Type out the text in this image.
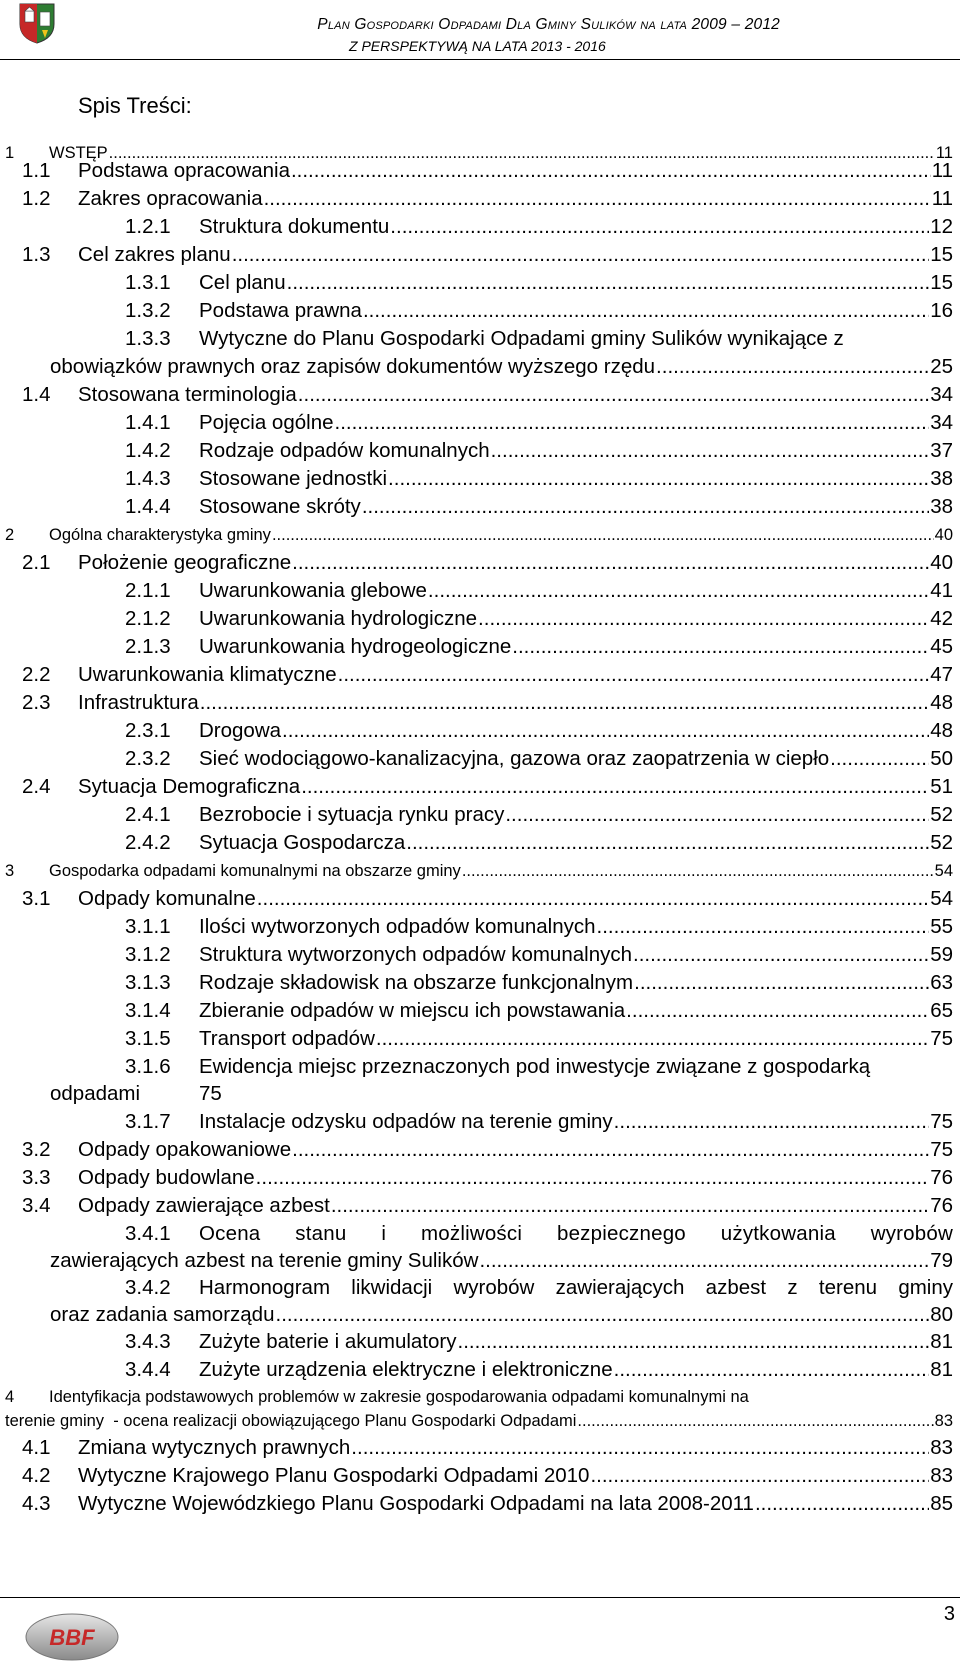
Plan Gospodarki Odpadami Dla Gminy Sulików na lata 2009 – 2012
Z PERSPEKTYWĄ NA LATA 2013 - 2016
Spis Treści:
1	WSTĘP .....	11
1.1	Podstawa opracowania .....	11
1.2	Zakres opracowania .....	11
1.2.1	Struktura dokumentu .....	12
1.3	Cel zakres planu .....	15
1.3.1	Cel planu .....	15
1.3.2	Podstawa prawna .....	16
1.3.3	Wytyczne do Planu Gospodarki Odpadami gminy Sulików wynikające z
obowiązków prawnych oraz zapisów dokumentów wyższego rzędu .....	25
1.4	Stosowana terminologia .....	34
1.4.1	Pojęcia ogólne .....	34
1.4.2	Rodzaje odpadów komunalnych .....	37
1.4.3	Stosowane jednostki .....	38
1.4.4	Stosowane skróty .....	38
2	Ogólna charakterystyka gminy .....	40
2.1	Położenie geograficzne .....	40
2.1.1	Uwarunkowania glebowe .....	41
2.1.2	Uwarunkowania hydrologiczne .....	42
2.1.3	Uwarunkowania hydrogeologiczne .....	45
2.2	Uwarunkowania klimatyczne .....	47
2.3	Infrastruktura .....	48
2.3.1	Drogowa .....	48
2.3.2	Sieć wodociągowo-kanalizacyjna, gazowa oraz zaopatrzenia w ciepło .....	50
2.4	Sytuacja Demograficzna .....	51
2.4.1	Bezrobocie i sytuacja rynku pracy .....	52
2.4.2	Sytuacja Gospodarcza .....	52
3	Gospodarka odpadami komunalnymi na obszarze gminy .....	54
3.1	Odpady komunalne .....	54
3.1.1	Ilości wytworzonych odpadów komunalnych .....	55
3.1.2	Struktura wytworzonych odpadów komunalnych .....	59
3.1.3	Rodzaje składowisk na obszarze funkcjonalnym .....	63
3.1.4	Zbieranie odpadów w miejscu ich powstawania .....	65
3.1.5	Transport odpadów .....	75
3.1.6 Ewidencja miejsc przeznaczonych pod inwestycje związane z gospodarką
odpadami	75
3.1.7	Instalacje odzysku odpadów na terenie gminy .....	75
3.2	Odpady opakowaniowe .....	75
3.3	Odpady budowlane .....	76
3.4	Odpady zawierające azbest .....	76
3.4.1	Ocena stanu i możliwości bezpiecznego użytkowania wyrobów
zawierających azbest na terenie gminy Sulików .....	79
3.4.2	Harmonogram likwidacji wyrobów zawierających azbest z terenu gminy
oraz zadania samorządu .....	80
3.4.3	Zużyte baterie i akumulatory .....	81
3.4.4	Zużyte urządzenia elektryczne i elektroniczne .....	81
4 Identyfikacja podstawowych problemów w zakresie gospodarowania odpadami komunalnymi na
terenie gminy  - ocena realizacji obowiązującego Planu Gospodarki Odpadami .....	83
4.1	Zmiana wytycznych prawnych .....	83
4.2	Wytyczne Krajowego Planu Gospodarki Odpadami 2010 .....	83
4.3	Wytyczne Wojewódzkiego Planu Gospodarki Odpadami na lata 2008-2011 .....	85
3
BBF
